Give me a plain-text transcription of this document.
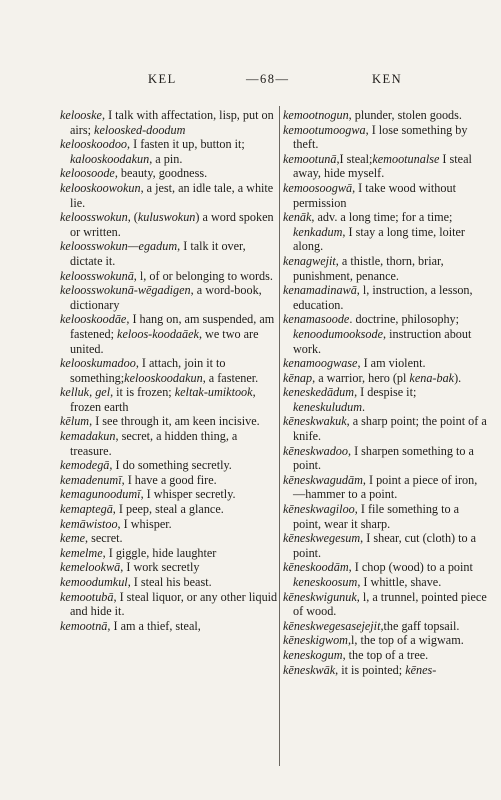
KEL	—68—	KEN

kelooske, I talk with affectation, lisp, put on airs; keloosked-doodum

kelooskoodoo, I fasten it up, button it; kalooskoodakun, a pin.

keloosoode, beauty, goodness.

kelooskoowokun, a jest, an idle tale, a white lie.

keloosswokun, (kuluswokun) a word spoken or written.

keloosswokun—egadum, I talk it over, dictate it.

keloosswokunā, l, of or belonging to words.

keloosswokunā-wēgadigen, a word-book, dictionary

kelooskoodāe, I hang on, am suspended, am fastened; keloos-koodaāek, we two are united.

kelooskumadoo, I attach, join it to something;kelooskoodakun, a fastener.

kelluk, gel, it is frozen; keltak-umiktook, frozen earth

kēlum, I see through it, am keen incisive.

kemadakun, secret, a hidden thing, a treasure.

kemodegā, I do something secretly.

kemadenumī, I have a good fire.

kemagunoodumī, I whisper secretly.

kemaptegā, I peep, steal a glance.

kemāwistoo, I whisper.

keme, secret.

kemelme, I giggle, hide laughter

kemelookwā, I work secretly

kemoodumkul, I steal his beast.

kemootubā, I steal liquor, or any other liquid and hide it.

kemootnā, I am a thief, steal,

kemootnogun, plunder, stolen goods.

kemootumoogwa, I lose something by theft.

kemootunā,I steal;kemootunalse I steal away, hide myself.

kemoosoogwā, I take wood without permission

kenāk, adv. a long time; for a time; kenkadum, I stay a long time, loiter along.

kenagwejit, a thistle, thorn, briar, punishment, penance.

kenamadinawā, l, instruction, a lesson, education.

kenamasoode. doctrine, philosophy; kenoodumooksode, instruction about work.

kenamoogwase, I am violent.

kēnap, a warrior, hero (pl kena-bak).

keneskedādum, I despise it; keneskuludum.

kēneskwakuk, a sharp point; the point of a knife.

kēneskwadoo, I sharpen something to a point.

kēneskwagudām, I point a piece of iron,—hammer to a point.

kēneskwagiloo, I file something to a point, wear it sharp.

kēneskwegesum, I shear, cut (cloth) to a point.

kēneskoodām, I chop (wood) to a point keneskoosum, I whittle, shave.

kēneskwigunuk, l, a trunnel, pointed piece of wood.

kēneskwegesasejejit,the gaff topsail.

kēneskigwom,l, the top of a wigwam.

keneskogum, the top of a tree.

kēneskwāk, it is pointed; kēnes-
